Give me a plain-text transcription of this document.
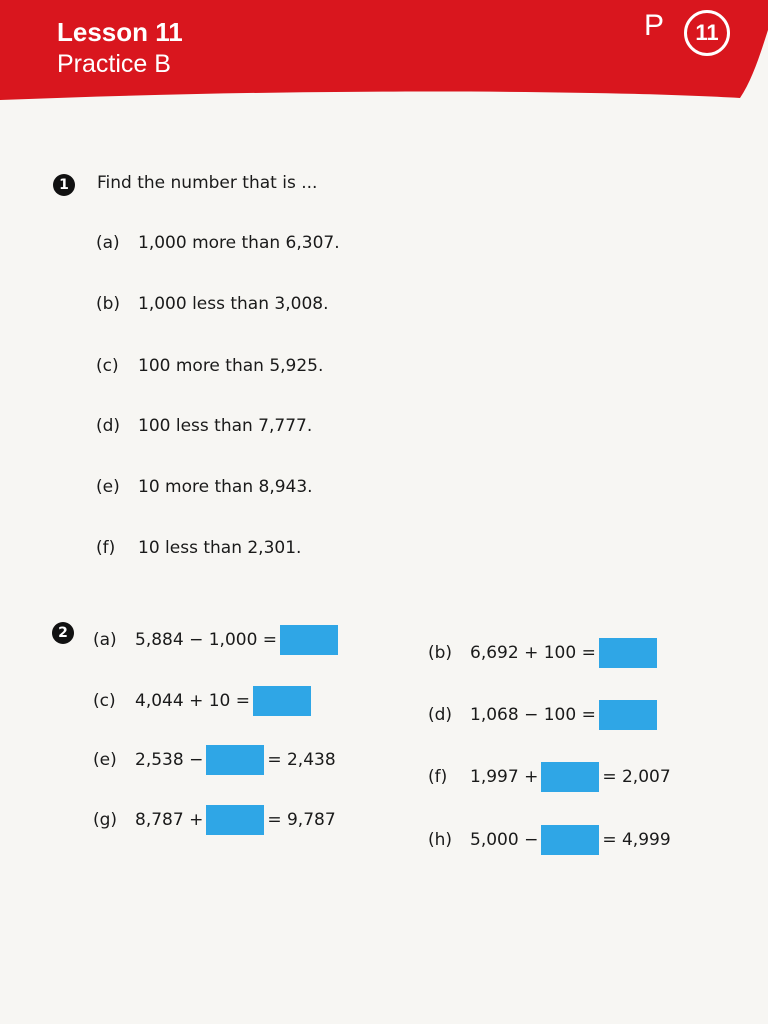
Lesson 11
Practice B
P	11
1	Find the number that is ...
(a) 1,000 more than 6,307.
(b) 1,000 less than 3,008.
(c) 100 more than 5,925.
(d) 100 less than 7,777.
(e) 10 more than 8,943.
(f) 10 less than 2,301.
2	(a)	5,884 − 1,000 =
(b)	6,692 + 100 =
(c)	4,044 + 10 =
(d)	1,068 − 100 =
(e)	2,538 −	= 2,438
(f)	1,997 +	= 2,007
(g)	8,787 +	= 9,787
(h)	5,000 −	= 4,999
